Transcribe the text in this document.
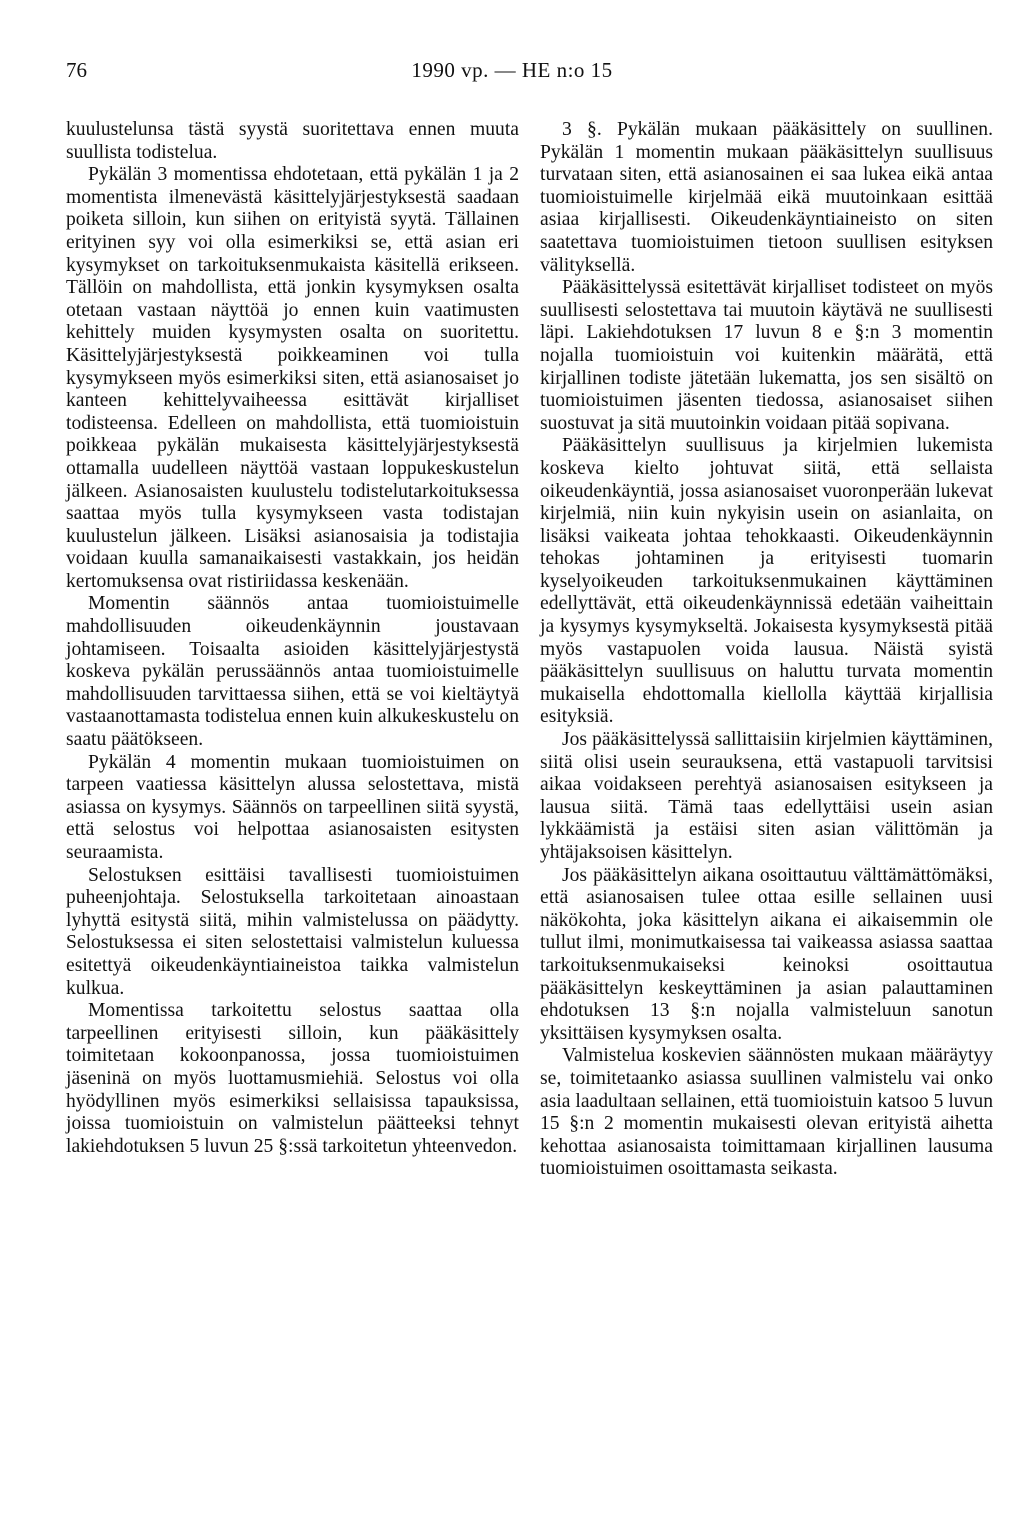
76	1990 vp. — HE n:o 15

kuulustelunsa tästä syystä suoritettava ennen muuta suullista todistelua.

Pykälän 3 momentissa ehdotetaan, että pykälän 1 ja 2 momentista ilmenevästä käsittelyjärjestyksestä saadaan poiketa silloin, kun siihen on erityistä syytä. Tällainen erityinen syy voi olla esimerkiksi se, että asian eri kysymykset on tarkoituksenmukaista käsitellä erikseen. Tällöin on mahdollista, että jonkin kysymyksen osalta otetaan vastaan näyttöä jo ennen kuin vaatimusten kehittely muiden kysymysten osalta on suoritettu. Käsittelyjärjestyksestä poikkeaminen voi tulla kysymykseen myös esimerkiksi siten, että asianosaiset jo kanteen kehittelyvaiheessa esittävät kirjalliset todisteensa. Edelleen on mahdollista, että tuomioistuin poikkeaa pykälän mukaisesta käsittelyjärjestyksestä ottamalla uudelleen näyttöä vastaan loppukeskustelun jälkeen. Asianosaisten kuulustelu todistelutarkoituksessa saattaa myös tulla kysymykseen vasta todistajan kuulustelun jälkeen. Lisäksi asianosaisia ja todistajia voidaan kuulla samanaikaisesti vastakkain, jos heidän kertomuksensa ovat ristiriidassa keskenään.

Momentin säännös antaa tuomioistuimelle mahdollisuuden oikeudenkäynnin joustavaan johtamiseen. Toisaalta asioiden käsittelyjärjestystä koskeva pykälän perussäännös antaa tuomioistuimelle mahdollisuuden tarvittaessa siihen, että se voi kieltäytyä vastaanottamasta todistelua ennen kuin alkukeskustelu on saatu päätökseen.

Pykälän 4 momentin mukaan tuomioistuimen on tarpeen vaatiessa käsittelyn alussa selostettava, mistä asiassa on kysymys. Säännös on tarpeellinen siitä syystä, että selostus voi helpottaa asianosaisten esitysten seuraamista.

Selostuksen esittäisi tavallisesti tuomioistuimen puheenjohtaja. Selostuksella tarkoitetaan ainoastaan lyhyttä esitystä siitä, mihin valmistelussa on päädytty. Selostuksessa ei siten selostettaisi valmistelun kuluessa esitettyä oikeudenkäyntiaineistoa taikka valmistelun kulkua.

Momentissa tarkoitettu selostus saattaa olla tarpeellinen erityisesti silloin, kun pääkäsittely toimitetaan kokoonpanossa, jossa tuomioistuimen jäseninä on myös luottamusmiehiä. Selostus voi olla hyödyllinen myös esimerkiksi sellaisissa tapauksissa, joissa tuomioistuin on valmistelun päätteeksi tehnyt lakiehdotuksen 5 luvun 25 §:ssä tarkoitetun yhteenvedon.

3 §. Pykälän mukaan pääkäsittely on suullinen. Pykälän 1 momentin mukaan pääkäsittelyn suullisuus turvataan siten, että asianosainen ei saa lukea eikä antaa tuomioistuimelle kirjelmää eikä muutoinkaan esittää asiaa kirjallisesti. Oikeudenkäyntiaineisto on siten saatettava tuomioistuimen tietoon suullisen esityksen välityksellä.

Pääkäsittelyssä esitettävät kirjalliset todisteet on myös suullisesti selostettava tai muutoin käytävä ne suullisesti läpi. Lakiehdotuksen 17 luvun 8 e §:n 3 momentin nojalla tuomioistuin voi kuitenkin määrätä, että kirjallinen todiste jätetään lukematta, jos sen sisältö on tuomioistuimen jäsenten tiedossa, asianosaiset siihen suostuvat ja sitä muutoinkin voidaan pitää sopivana.

Pääkäsittelyn suullisuus ja kirjelmien lukemista koskeva kielto johtuvat siitä, että sellaista oikeudenkäyntiä, jossa asianosaiset vuoronperään lukevat kirjelmiä, niin kuin nykyisin usein on asianlaita, on lisäksi vaikeata johtaa tehokkaasti. Oikeudenkäynnin tehokas johtaminen ja erityisesti tuomarin kyselyoikeuden tarkoituksenmukainen käyttäminen edellyttävät, että oikeudenkäynnissä edetään vaiheittain ja kysymys kysymykseltä. Jokaisesta kysymyksestä pitää myös vastapuolen voida lausua. Näistä syistä pääkäsittelyn suullisuus on haluttu turvata momentin mukaisella ehdottomalla kiellolla käyttää kirjallisia esityksiä.

Jos pääkäsittelyssä sallittaisiin kirjelmien käyttäminen, siitä olisi usein seurauksena, että vastapuoli tarvitsisi aikaa voidakseen perehtyä asianosaisen esitykseen ja lausua siitä. Tämä taas edellyttäisi usein asian lykkäämistä ja estäisi siten asian välittömän ja yhtäjaksoisen käsittelyn.

Jos pääkäsittelyn aikana osoittautuu välttämättömäksi, että asianosaisen tulee ottaa esille sellainen uusi näkökohta, joka käsittelyn aikana ei aikaisemmin ole tullut ilmi, monimutkaisessa tai vaikeassa asiassa saattaa tarkoituksenmukaiseksi keinoksi osoittautua pääkäsittelyn keskeyttäminen ja asian palauttaminen ehdotuksen 13 §:n nojalla valmisteluun sanotun yksittäisen kysymyksen osalta.

Valmistelua koskevien säännösten mukaan määräytyy se, toimitetaanko asiassa suullinen valmistelu vai onko asia laadultaan sellainen, että tuomioistuin katsoo 5 luvun 15 §:n 2 momentin mukaisesti olevan erityistä aihetta kehottaa asianosaista toimittamaan kirjallinen lausuma tuomioistuimen osoittamasta seikasta.
